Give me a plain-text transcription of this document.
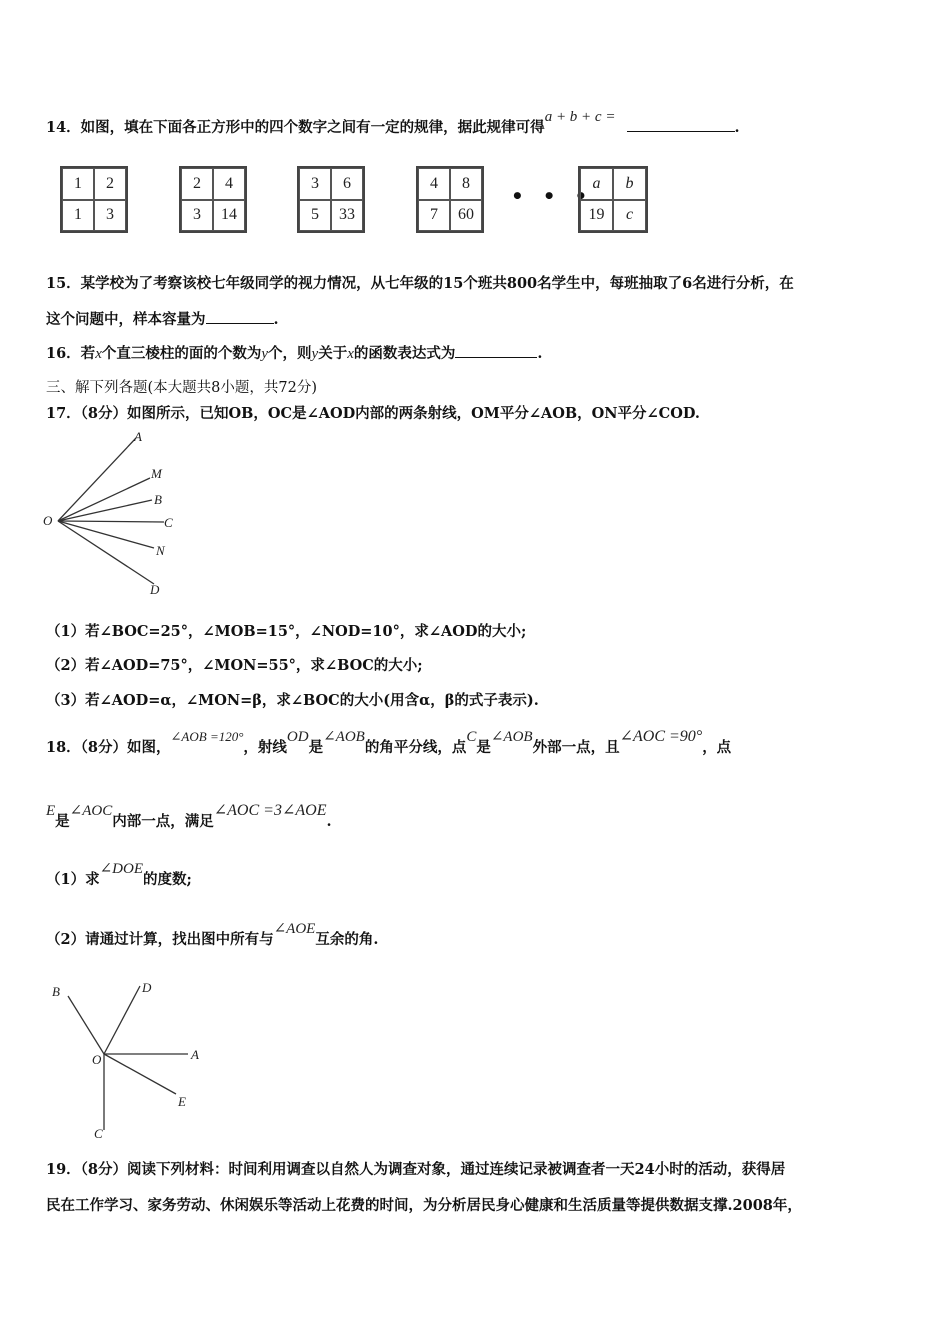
14．如图，填在下面各正方形中的四个数字之间有一定的规律，据此规律可得a + b + c = .
1	2
1	3
2	4
3	14
3	6
5	33
4	8
7	60
• • •
a	b
19	c
15．某学校为了考察该校七年级同学的视力情况，从七年级的15个班共800名学生中，每班抽取了6名进行分析，在
这个问题中，样本容量为	.
16．若x个直三棱柱的面的个数为y个，则y关于x的函数表达式为	.
三、解下列各题(本大题共8小题，共72分)
17．（8分）如图所示，已知OB，OC是∠AOD内部的两条射线，OM平分∠AOB，ON平分∠COD.
A
M
B
C
N
D
O
（1）若∠BOC=25°，∠MOB=15°，∠NOD=10°，求∠AOD的大小;
（2）若∠AOD=75°，∠MON=55°，求∠BOC的大小;
（3）若∠AOD=α，∠MON=β，求∠BOC的大小(用含α，β的式子表示).
18．（8分）如图，∠AOB =120°，射线OD是∠AOB的角平分线，点C是∠AOB外部一点，且∠AOC =90°，点
E是∠AOC内部一点，满足∠AOC =3∠AOE.
（1）求∠DOE的度数;
（2）请通过计算，找出图中所有与∠AOE互余的角.
B	D
O	A
E
C
19．（8分）阅读下列材料：时间利用调查以自然人为调查对象，通过连续记录被调查者一天24小时的活动，获得居
民在工作学习、家务劳动、休闲娱乐等活动上花费的时间，为分析居民身心健康和生活质量等提供数据支撑.2008年，
